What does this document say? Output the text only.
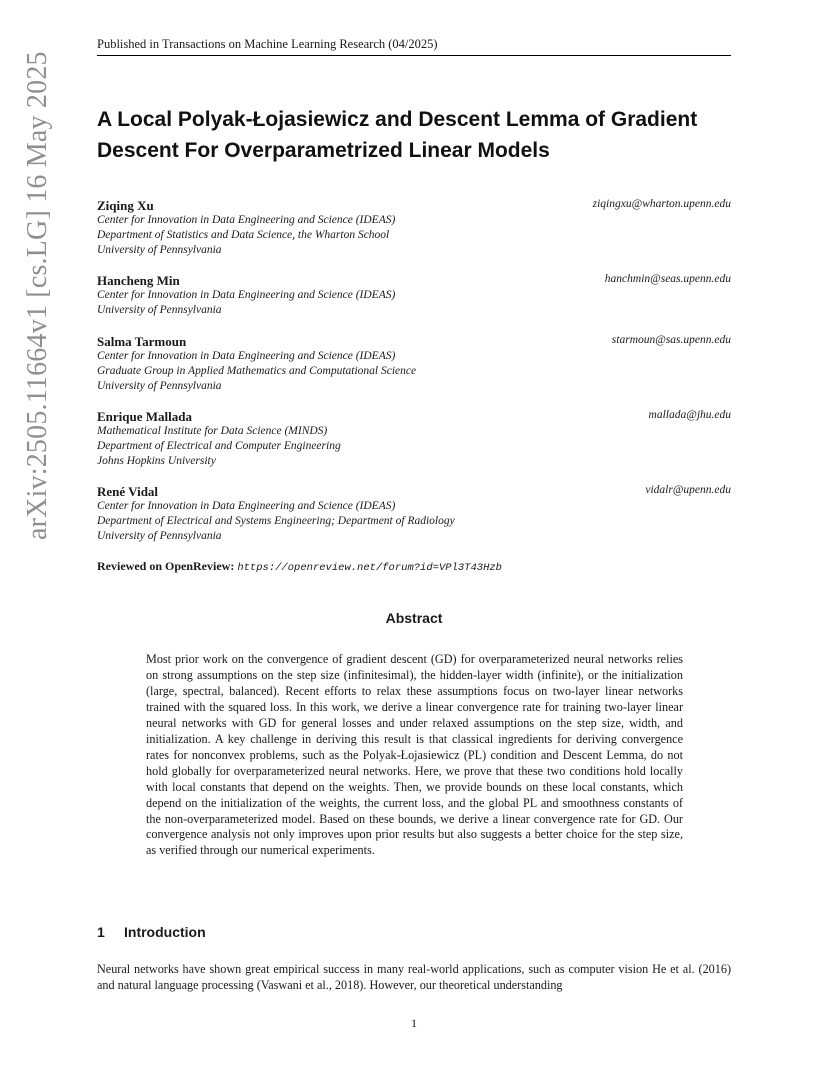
arXiv:2505.11664v1 [cs.LG] 16 May 2025
Published in Transactions on Machine Learning Research (04/2025)
A Local Polyak-Łojasiewicz and Descent Lemma of Gradient
Descent For Overparametrized Linear Models
Ziqing Xu	ziqingxu@wharton.upenn.edu
Center for Innovation in Data Engineering and Science (IDEAS)
Department of Statistics and Data Science, the Wharton School
University of Pennsylvania
Hancheng Min	hanchmin@seas.upenn.edu
Center for Innovation in Data Engineering and Science (IDEAS)
University of Pennsylvania
Salma Tarmoun	starmoun@sas.upenn.edu
Center for Innovation in Data Engineering and Science (IDEAS)
Graduate Group in Applied Mathematics and Computational Science
University of Pennsylvania
Enrique Mallada	mallada@jhu.edu
Mathematical Institute for Data Science (MINDS)
Department of Electrical and Computer Engineering
Johns Hopkins University
René Vidal	vidalr@upenn.edu
Center for Innovation in Data Engineering and Science (IDEAS)
Department of Electrical and Systems Engineering; Department of Radiology
University of Pennsylvania
Reviewed on OpenReview: https://openreview.net/forum?id=VPl3T43Hzb
Abstract
Most prior work on the convergence of gradient descent (GD) for overparameterized neural networks relies on strong assumptions on the step size (infinitesimal), the hidden-layer width (infinite), or the initialization (large, spectral, balanced). Recent efforts to relax these assumptions focus on two-layer linear networks trained with the squared loss. In this work, we derive a linear convergence rate for training two-layer linear neural networks with GD for general losses and under relaxed assumptions on the step size, width, and initialization. A key challenge in deriving this result is that classical ingredients for deriving convergence rates for nonconvex problems, such as the Polyak-Łojasiewicz (PL) condition and Descent Lemma, do not hold globally for overparameterized neural networks. Here, we prove that these two conditions hold locally with local constants that depend on the weights. Then, we provide bounds on these local constants, which depend on the initialization of the weights, the current loss, and the global PL and smoothness constants of the non-overparameterized model. Based on these bounds, we derive a linear convergence rate for GD. Our convergence analysis not only improves upon prior results but also suggests a better choice for the step size, as verified through our numerical experiments.
1 Introduction
Neural networks have shown great empirical success in many real-world applications, such as computer vision He et al. (2016) and natural language processing (Vaswani et al., 2018). However, our theoretical understanding
1
